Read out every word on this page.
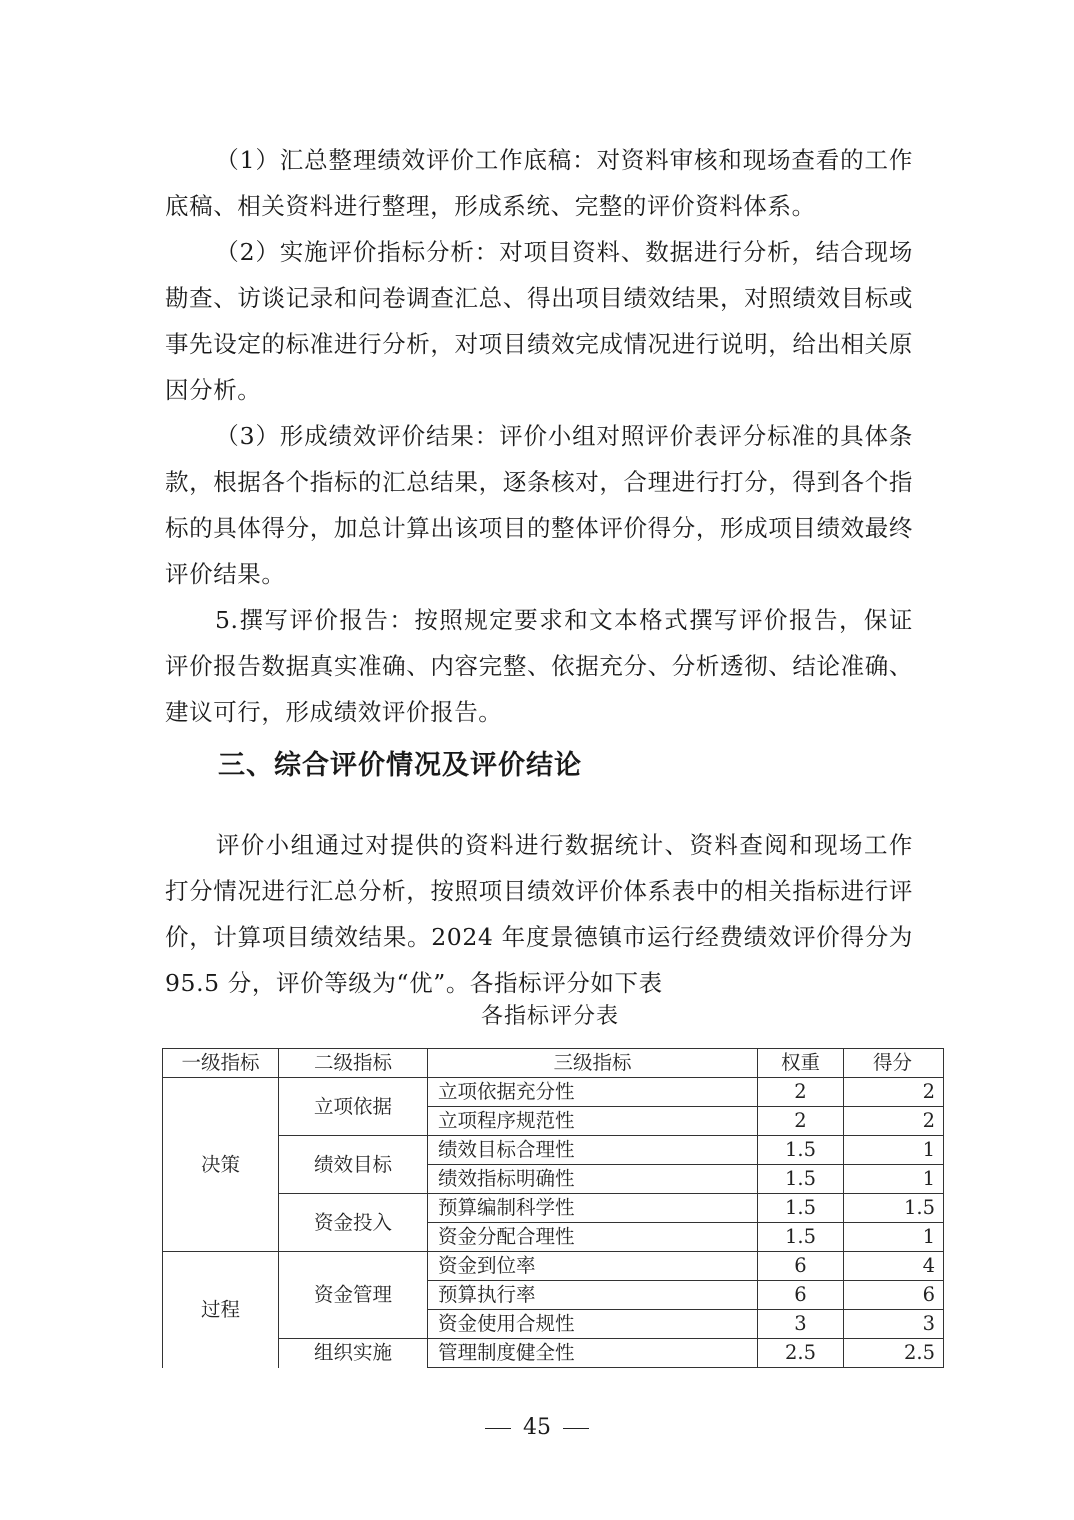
（1）汇总整理绩效评价工作底稿：对资料审核和现场查看的工作底稿、相关资料进行整理，形成系统、完整的评价资料体系。
（2）实施评价指标分析：对项目资料、数据进行分析，结合现场勘查、访谈记录和问卷调查汇总、得出项目绩效结果，对照绩效目标或事先设定的标准进行分析，对项目绩效完成情况进行说明，给出相关原因分析。
（3）形成绩效评价结果：评价小组对照评价表评分标准的具体条款，根据各个指标的汇总结果，逐条核对，合理进行打分，得到各个指标的具体得分，加总计算出该项目的整体评价得分，形成项目绩效最终评价结果。
5.撰写评价报告：按照规定要求和文本格式撰写评价报告，保证评价报告数据真实准确、内容完整、依据充分、分析透彻、结论准确、建议可行，形成绩效评价报告。
三、综合评价情况及评价结论
评价小组通过对提供的资料进行数据统计、资料查阅和现场工作打分情况进行汇总分析，按照项目绩效评价体系表中的相关指标进行评价，计算项目绩效结果。2024 年度景德镇市运行经费绩效评价得分为 95.5 分，评价等级为“优”。各指标评分如下表
各指标评分表
一级指标	二级指标	三级指标	权重	得分
决策	立项依据	立项依据充分性	2	2
		立项程序规范性	2	2
	绩效目标	绩效目标合理性	1.5	1
		绩效指标明确性	1.5	1
	资金投入	预算编制科学性	1.5	1.5
		资金分配合理性	1.5	1
过程	资金管理	资金到位率	6	4
		预算执行率	6	6
		资金使用合规性	3	3
	组织实施	管理制度健全性	2.5	2.5
45
